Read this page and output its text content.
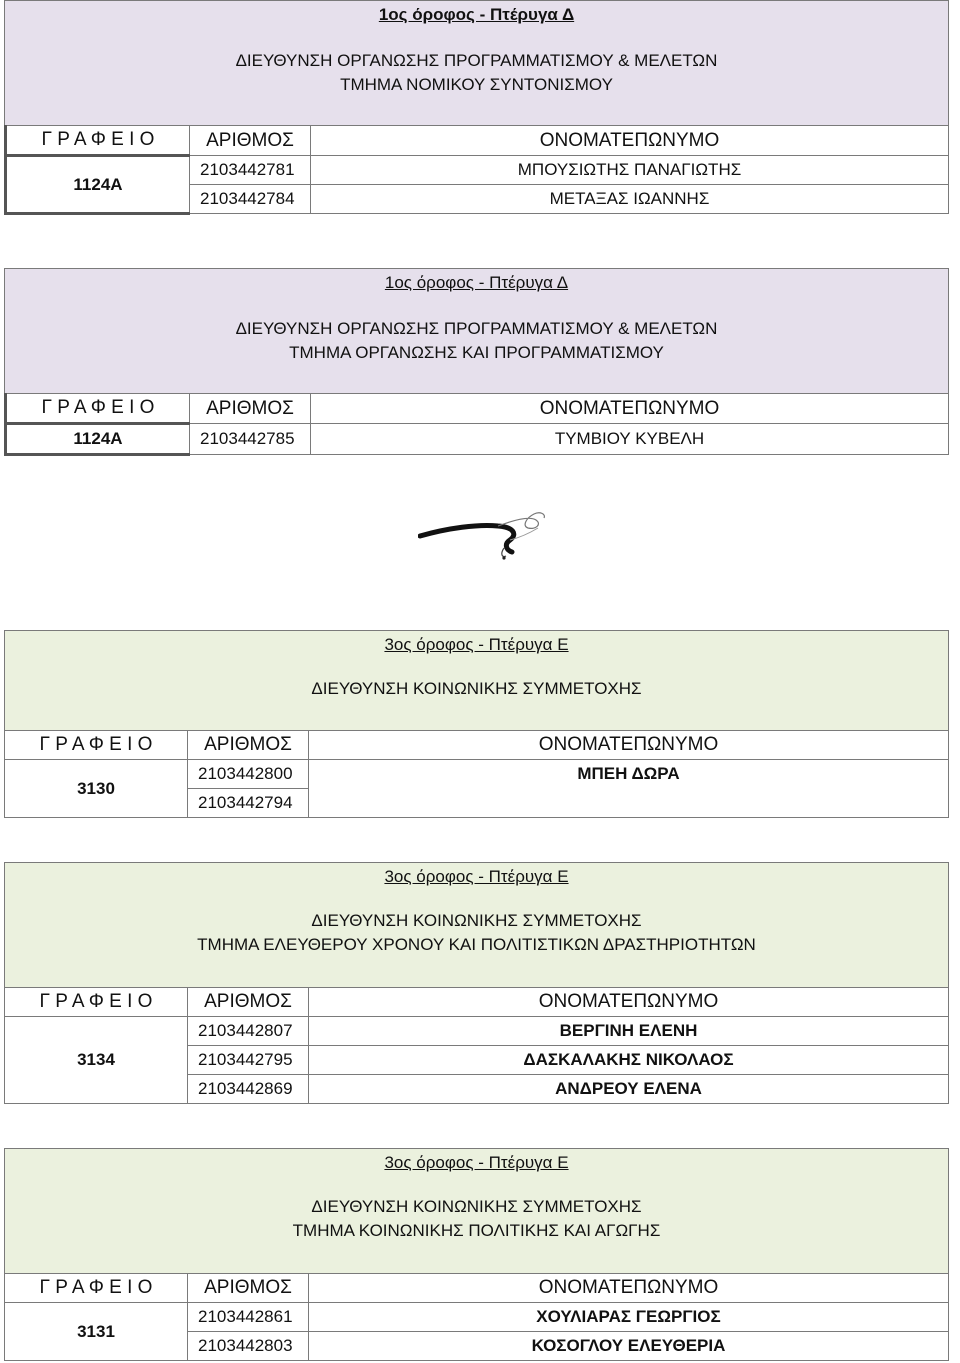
1ος όροφος - Πτέρυγα Δ
ΔΙΕΥΘΥΝΣΗ ΟΡΓΑΝΩΣΗΣ ΠΡΟΓΡΑΜΜΑΤΙΣΜΟΥ & ΜΕΛΕΤΩΝ
ΤΜΗΜΑ ΝΟΜΙΚΟΥ ΣΥΝΤΟΝΙΣΜΟΥ
Γ Ρ Α Φ Ε Ι Ο	ΑΡΙΘΜΟΣ	ΟΝΟΜΑΤΕΠΩΝΥΜΟ
1124Α	2103442781	ΜΠΟΥΣΙΩΤΗΣ ΠΑΝΑΓΙΩΤΗΣ
	2103442784	ΜΕΤΑΞΑΣ ΙΩΑΝΝΗΣ
1ος όροφος - Πτέρυγα Δ
ΔΙΕΥΘΥΝΣΗ ΟΡΓΑΝΩΣΗΣ ΠΡΟΓΡΑΜΜΑΤΙΣΜΟΥ & ΜΕΛΕΤΩΝ
ΤΜΗΜΑ ΟΡΓΑΝΩΣΗΣ ΚΑΙ ΠΡΟΓΡΑΜΜΑΤΙΣΜΟΥ
Γ Ρ Α Φ Ε Ι Ο	ΑΡΙΘΜΟΣ	ΟΝΟΜΑΤΕΠΩΝΥΜΟ
1124Α	2103442785	ΤΥΜΒΙΟΥ ΚΥΒΕΛΗ
3ος όροφος - Πτέρυγα Ε
ΔΙΕΥΘΥΝΣΗ ΚΟΙΝΩΝΙΚΗΣ ΣΥΜΜΕΤΟΧΗΣ
Γ Ρ Α Φ Ε Ι Ο	ΑΡΙΘΜΟΣ	ΟΝΟΜΑΤΕΠΩΝΥΜΟ
3130	2103442800	ΜΠΕΗ ΔΩΡΑ
	2103442794	
3ος όροφος - Πτέρυγα Ε
ΔΙΕΥΘΥΝΣΗ ΚΟΙΝΩΝΙΚΗΣ ΣΥΜΜΕΤΟΧΗΣ
ΤΜΗΜΑ ΕΛΕΥΘΕΡΟΥ ΧΡΟΝΟΥ ΚΑΙ ΠΟΛΙΤΙΣΤΙΚΩΝ ΔΡΑΣΤΗΡΙΟΤΗΤΩΝ
Γ Ρ Α Φ Ε Ι Ο	ΑΡΙΘΜΟΣ	ΟΝΟΜΑΤΕΠΩΝΥΜΟ
3134	2103442807	ΒΕΡΓΙΝΗ ΕΛΕΝΗ
	2103442795	ΔΑΣΚΑΛΑΚΗΣ ΝΙΚΟΛΑΟΣ
	2103442869	ΑΝΔΡΕΟΥ ΕΛΕΝΑ
3ος όροφος - Πτέρυγα Ε
ΔΙΕΥΘΥΝΣΗ ΚΟΙΝΩΝΙΚΗΣ ΣΥΜΜΕΤΟΧΗΣ
ΤΜΗΜΑ ΚΟΙΝΩΝΙΚΗΣ ΠΟΛΙΤΙΚΗΣ ΚΑΙ ΑΓΩΓΗΣ
Γ Ρ Α Φ Ε Ι Ο	ΑΡΙΘΜΟΣ	ΟΝΟΜΑΤΕΠΩΝΥΜΟ
3131	2103442861	ΧΟΥΛΙΑΡΑΣ ΓΕΩΡΓΙΟΣ
	2103442803	ΚΟΣΟΓΛΟΥ ΕΛΕΥΘΕΡΙΑ
